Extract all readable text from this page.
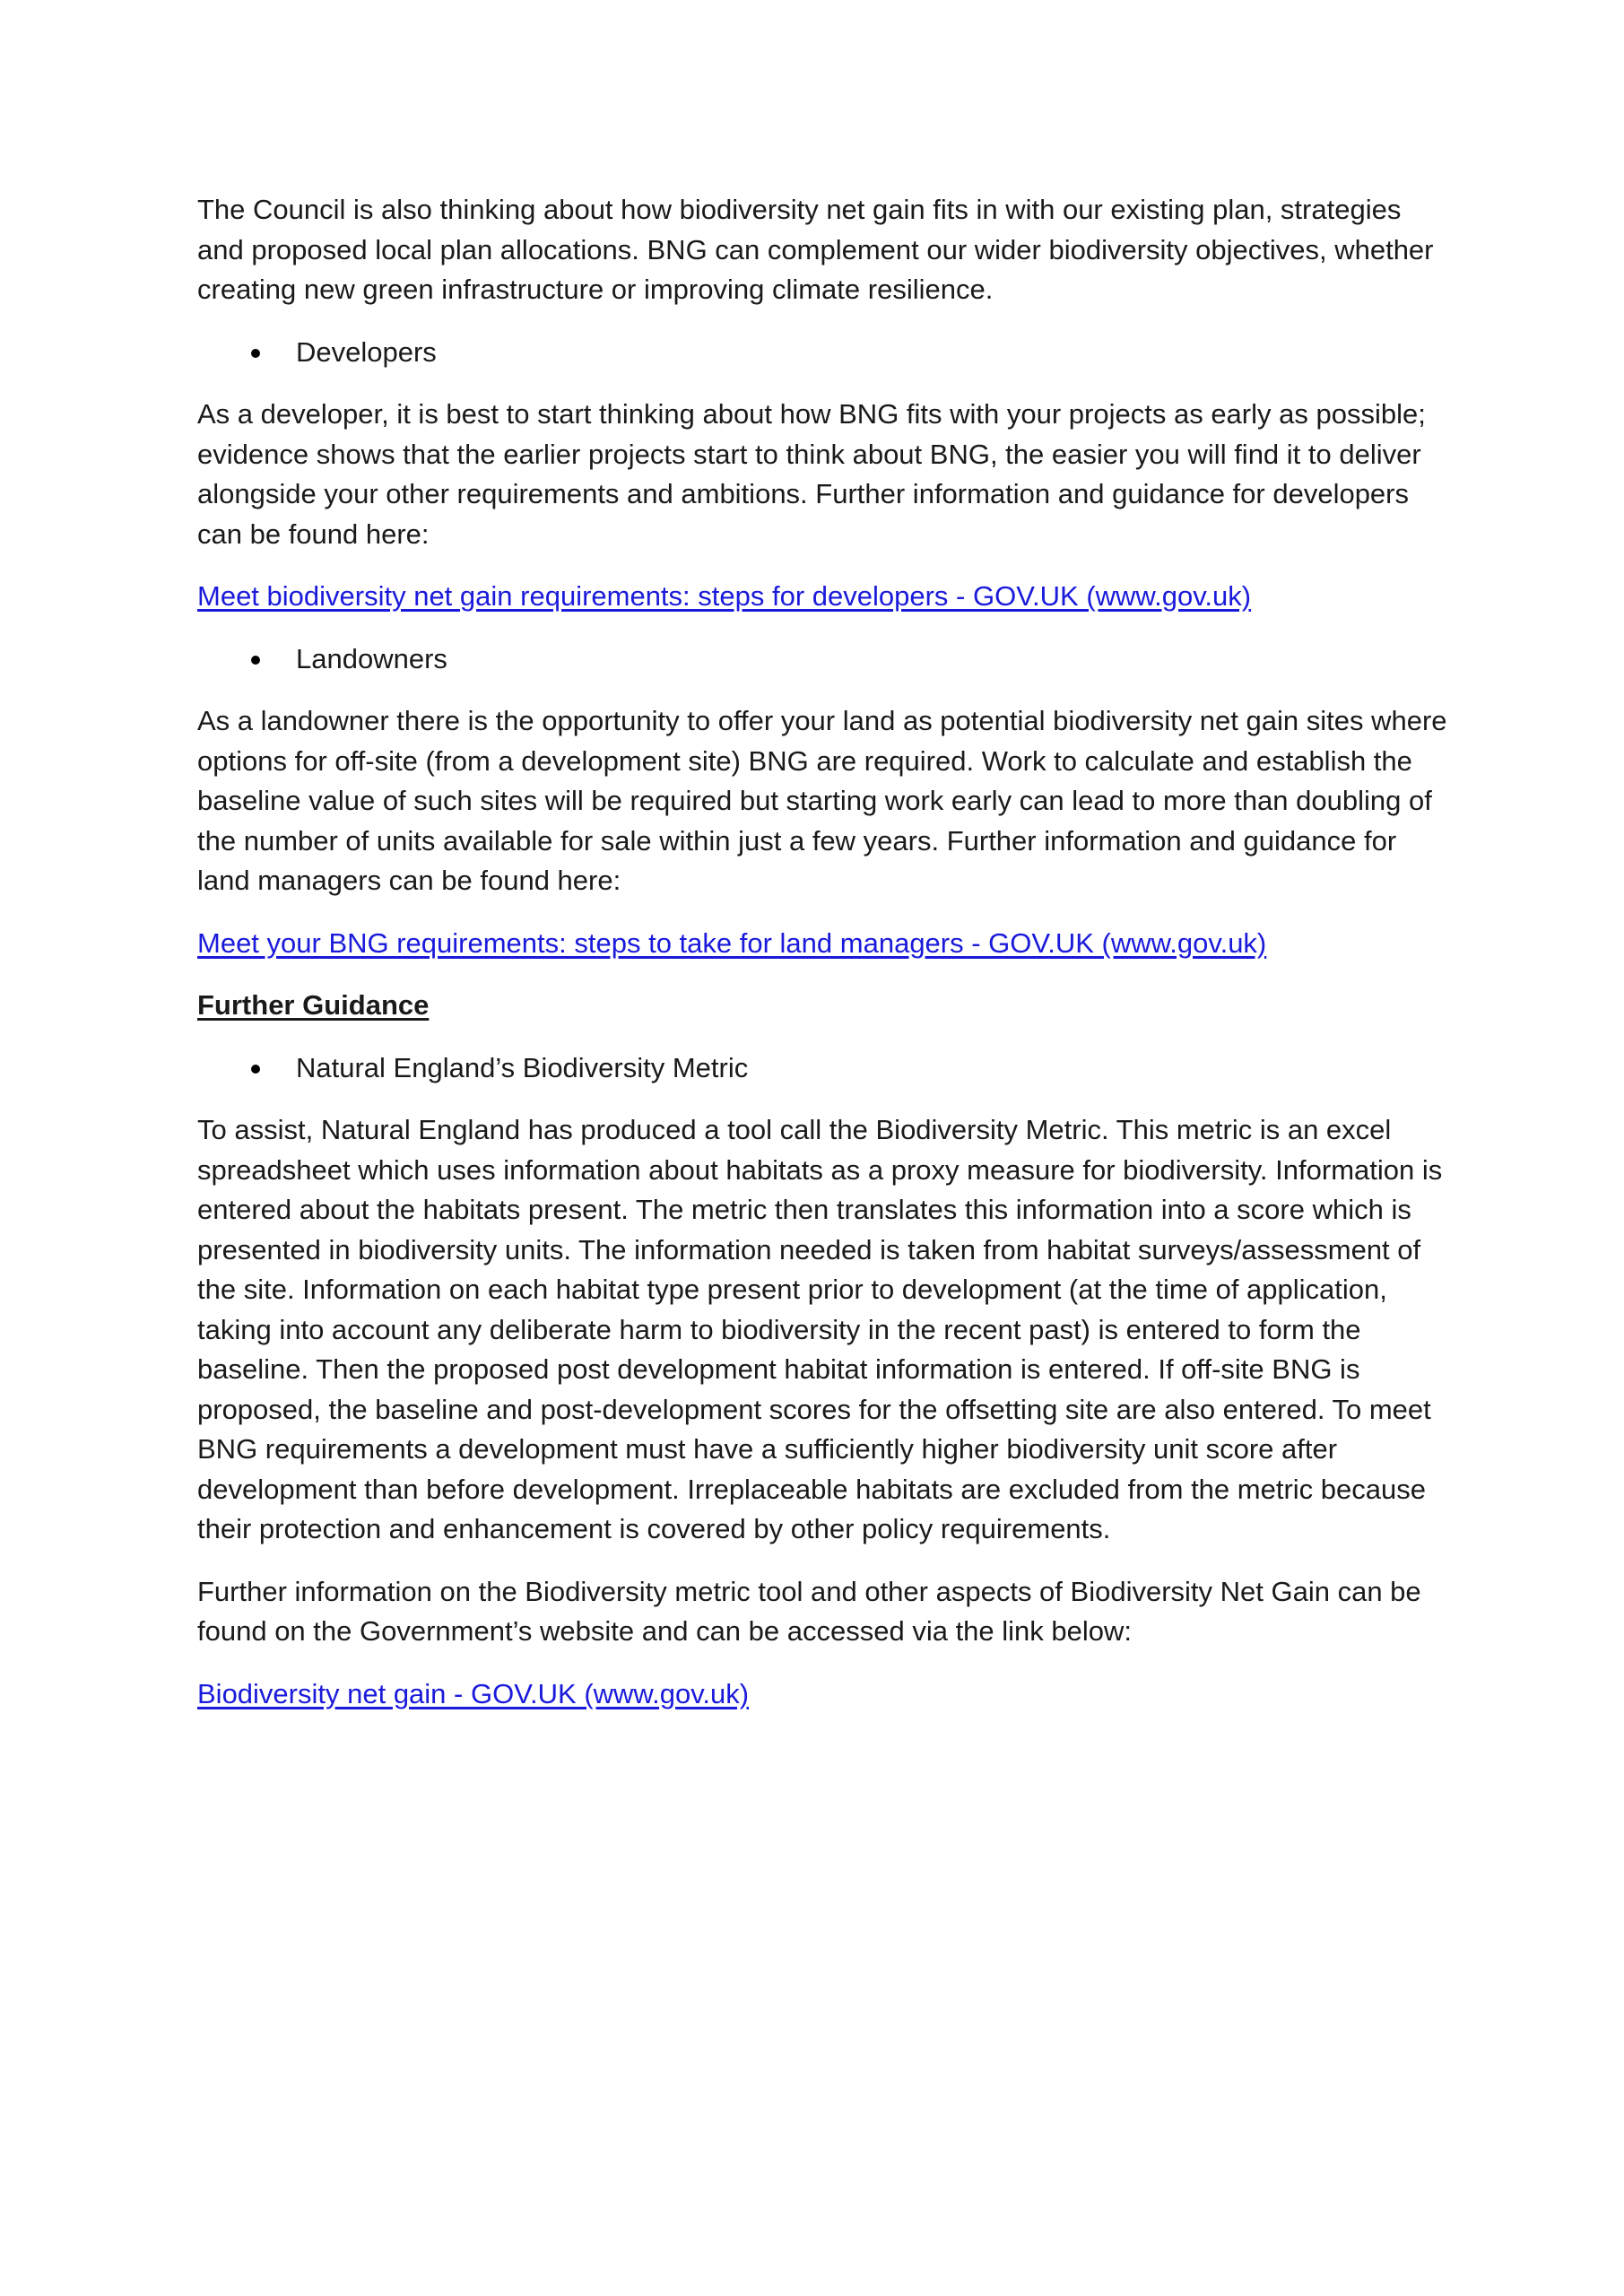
The Council is also thinking about how biodiversity net gain fits in with our existing plan, strategies and proposed local plan allocations. BNG can complement our wider biodiversity objectives, whether creating new green infrastructure or improving climate resilience.

Developers

As a developer, it is best to start thinking about how BNG fits with your projects as early as possible; evidence shows that the earlier projects start to think about BNG, the easier you will find it to deliver alongside your other requirements and ambitions. Further information and guidance for developers can be found here:

Meet biodiversity net gain requirements: steps for developers - GOV.UK (www.gov.uk)

Landowners

As a landowner there is the opportunity to offer your land as potential biodiversity net gain sites where options for off-site (from a development site) BNG are required. Work to calculate and establish the baseline value of such sites will be required but starting work early can lead to more than doubling of the number of units available for sale within just a few years. Further information and guidance for land managers can be found here:

Meet your BNG requirements: steps to take for land managers - GOV.UK (www.gov.uk)

Further Guidance
Natural England’s Biodiversity Metric

To assist, Natural England has produced a tool call the Biodiversity Metric. This metric is an excel spreadsheet which uses information about habitats as a proxy measure for biodiversity. Information is entered about the habitats present. The metric then translates this information into a score which is presented in biodiversity units. The information needed is taken from habitat surveys/assessment of the site. Information on each habitat type present prior to development (at the time of application, taking into account any deliberate harm to biodiversity in the recent past) is entered to form the baseline. Then the proposed post development habitat information is entered. If off-site BNG is proposed, the baseline and post-development scores for the offsetting site are also entered. To meet BNG requirements a development must have a sufficiently higher biodiversity unit score after development than before development. Irreplaceable habitats are excluded from the metric because their protection and enhancement is covered by other policy requirements.

Further information on the Biodiversity metric tool and other aspects of Biodiversity Net Gain can be found on the Government’s website and can be accessed via the link below:

Biodiversity net gain - GOV.UK (www.gov.uk)
